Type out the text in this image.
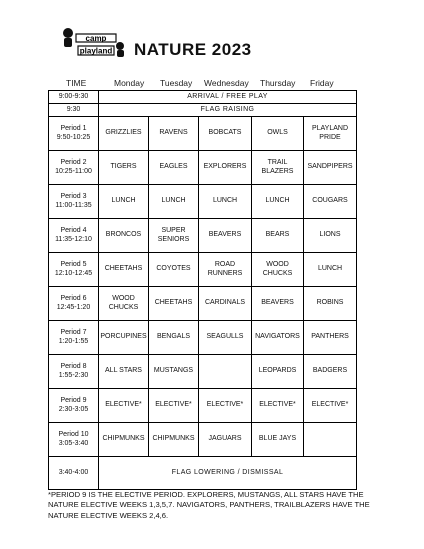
camp
playland NATURE 2023
TIME	Monday Tuesday Wednesday Thursday Friday
9:00-9:30	ARRIVAL / FREE PLAY				
9:30	FLAG RAISING				
Period 1
9:50-10:25	GRIZZLIES	RAVENS	BOBCATS	OWLS	PLAYLAND PRIDE
Period 2
10:25-11:00	TIGERS	EAGLES	EXPLORERS	TRAIL BLAZERS	SANDPIPERS
Period 3
11:00-11:35	LUNCH	LUNCH	LUNCH	LUNCH	COUGARS
Period 4
11:35-12:10	BRONCOS	SUPER SENIORS	BEAVERS	BEARS	LIONS
Period 5
12:10-12:45	CHEETAHS	COYOTES	ROAD RUNNERS	WOOD CHUCKS	LUNCH
Period 6
12:45-1:20	WOOD CHUCKS	CHEETAHS	CARDINALS	BEAVERS	ROBINS
Period 7
1:20-1:55	PORCUPINES	BENGALS	SEAGULLS	NAVIGATORS	PANTHERS
Period 8
1:55-2:30	ALL STARS	MUSTANGS		LEOPARDS	BADGERS
Period 9
2:30-3:05	ELECTIVE*	ELECTIVE*	ELECTIVE*	ELECTIVE*	ELECTIVE*
Period 10
3:05-3:40	CHIPMUNKS	CHIPMUNKS	JAGUARS	BLUE JAYS	
3:40-4:00	FLAG LOWERING / DISMISSAL				
*PERIOD 9 IS THE ELECTIVE PERIOD. EXPLORERS, MUSTANGS, ALL STARS HAVE THE NATURE ELECTIVE WEEKS 1,3,5,7. NAVIGATORS, PANTHERS, TRAILBLAZERS HAVE THE NATURE ELECTIVE WEEKS 2,4,6.
